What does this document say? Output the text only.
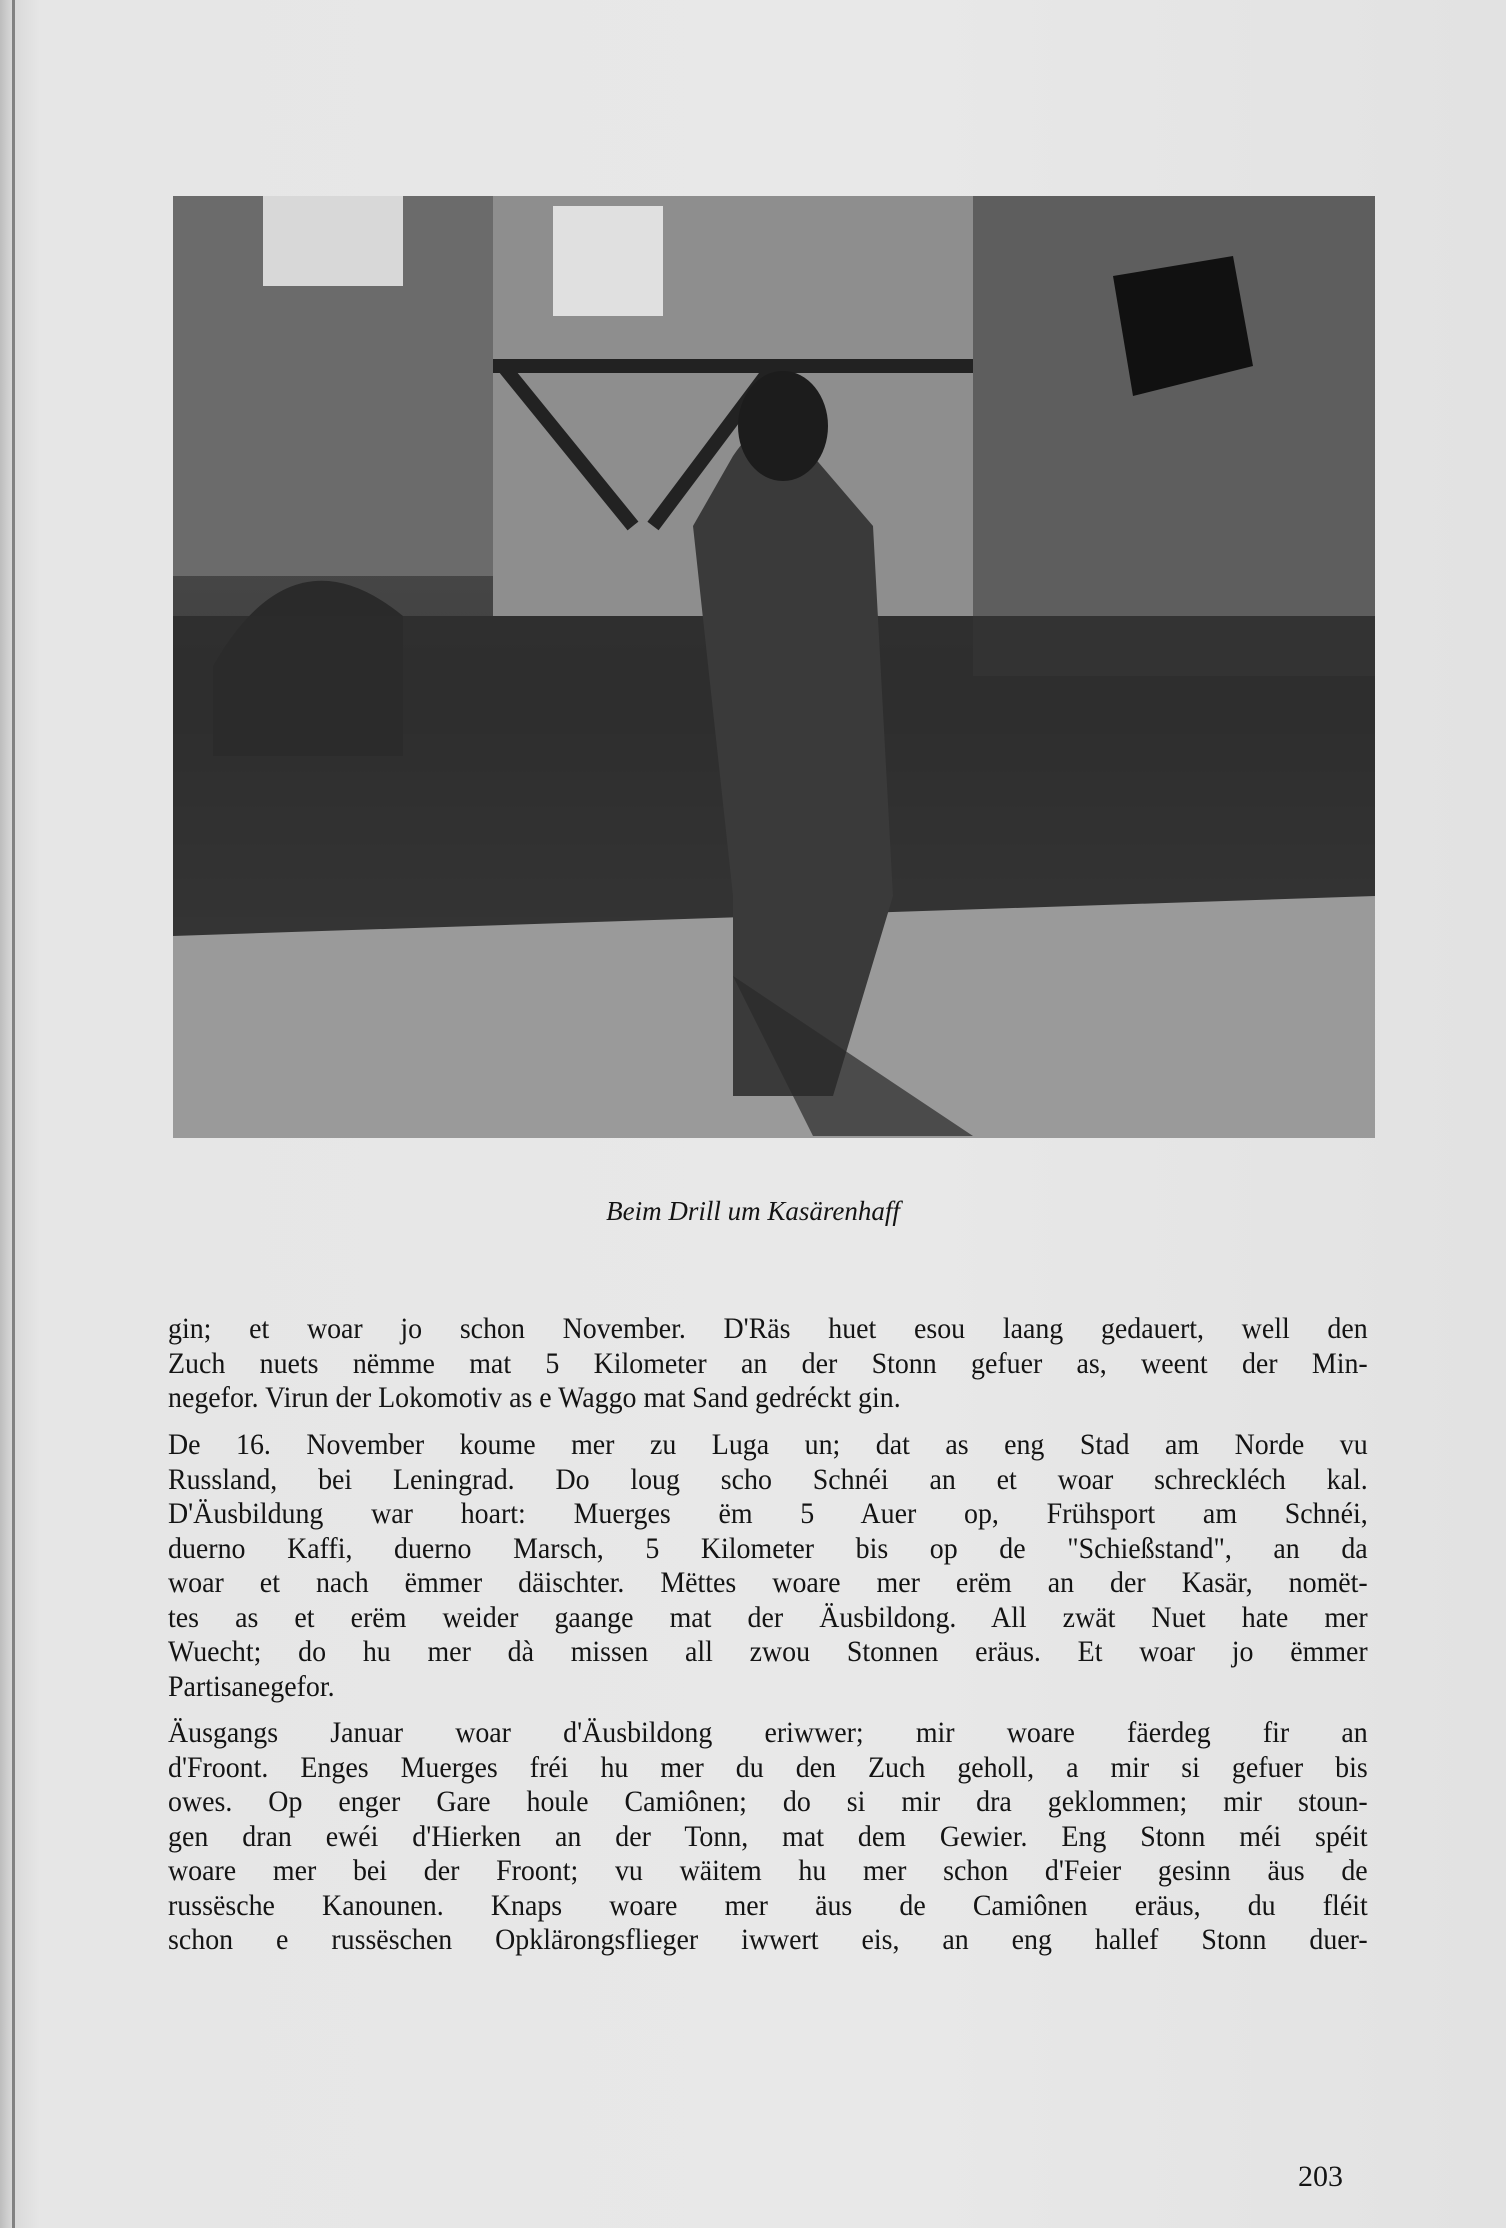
Beim Drill um Kasärenhaff
gin; et woar jo schon November. D'Räs huet esou laang gedauert, well den
Zuch nuets nëmme mat 5 Kilometer an der Stonn gefuer as, weent der Min-
negefor. Virun der Lokomotiv as e Waggo mat Sand gedréckt gin.
De 16. November koume mer zu Luga un; dat as eng Stad am Norde vu
Russland, bei Leningrad. Do loug scho Schnéi an et woar schreckléch kal.
D'Äusbildung war hoart: Muerges ëm 5 Auer op, Frühsport am Schnéi,
duerno Kaffi, duerno Marsch, 5 Kilometer bis op de "Schießstand", an da
woar et nach ëmmer däischter. Mëttes woare mer erëm an der Kasär, nomët-
tes as et erëm weider gaange mat der Äusbildong. All zwät Nuet hate mer
Wuecht; do hu mer dà missen all zwou Stonnen eräus. Et woar jo ëmmer
Partisanegefor.
Äusgangs Januar woar d'Äusbildong eriwwer; mir woare fäerdeg fir an
d'Froont. Enges Muerges fréi hu mer du den Zuch geholl, a mir si gefuer bis
owes. Op enger Gare houle Camiônen; do si mir dra geklommen; mir stoun-
gen dran ewéi d'Hierken an der Tonn, mat dem Gewier. Eng Stonn méi spéit
woare mer bei der Froont; vu wäitem hu mer schon d'Feier gesinn äus de
russësche Kanounen. Knaps woare mer äus de Camiônen eräus, du fléit
schon e russëschen Opklärongsflieger iwwert eis, an eng hallef Stonn duer-
203
